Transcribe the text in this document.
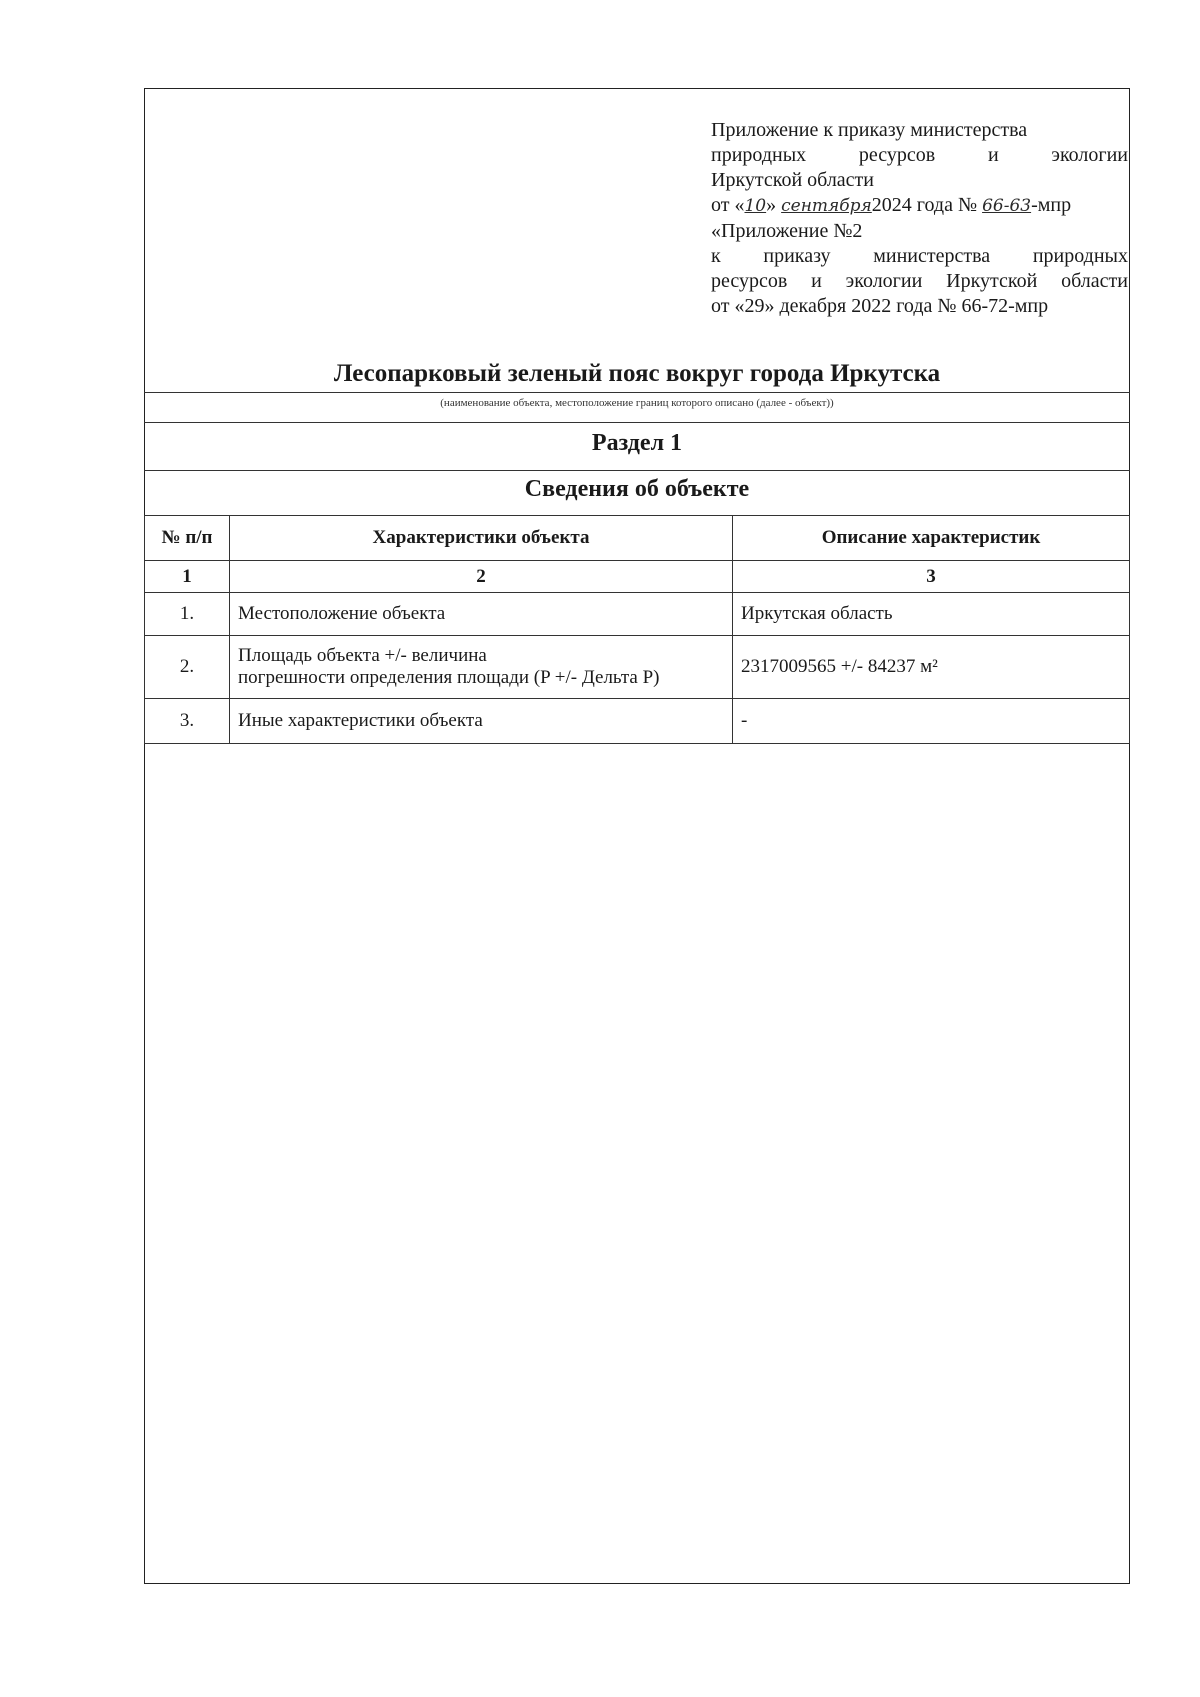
Приложение к приказу министерства
природных	ресурсов	и	экологии
Иркутской области
от «10» сентября2024 года № 66-63-мпр
«Приложение №2
к приказу министерства природных
ресурсов и экологии Иркутской области
от «29» декабря 2022 года № 66-72-мпр
Лесопарковый зеленый пояс вокруг города Иркутска
(наименование объекта, местоположение границ которого описано (далее - объект))
Раздел 1
Сведения об объекте
№ п/п	Характеристики объекта	Описание характеристик
1	2	3
1.	Местоположение объекта	Иркутская область
2.	Площадь объекта +/- величина
погрешности определения площади (P +/- Дельта P)	2317009565 +/- 84237 м²
3.	Иные характеристики объекта	-
